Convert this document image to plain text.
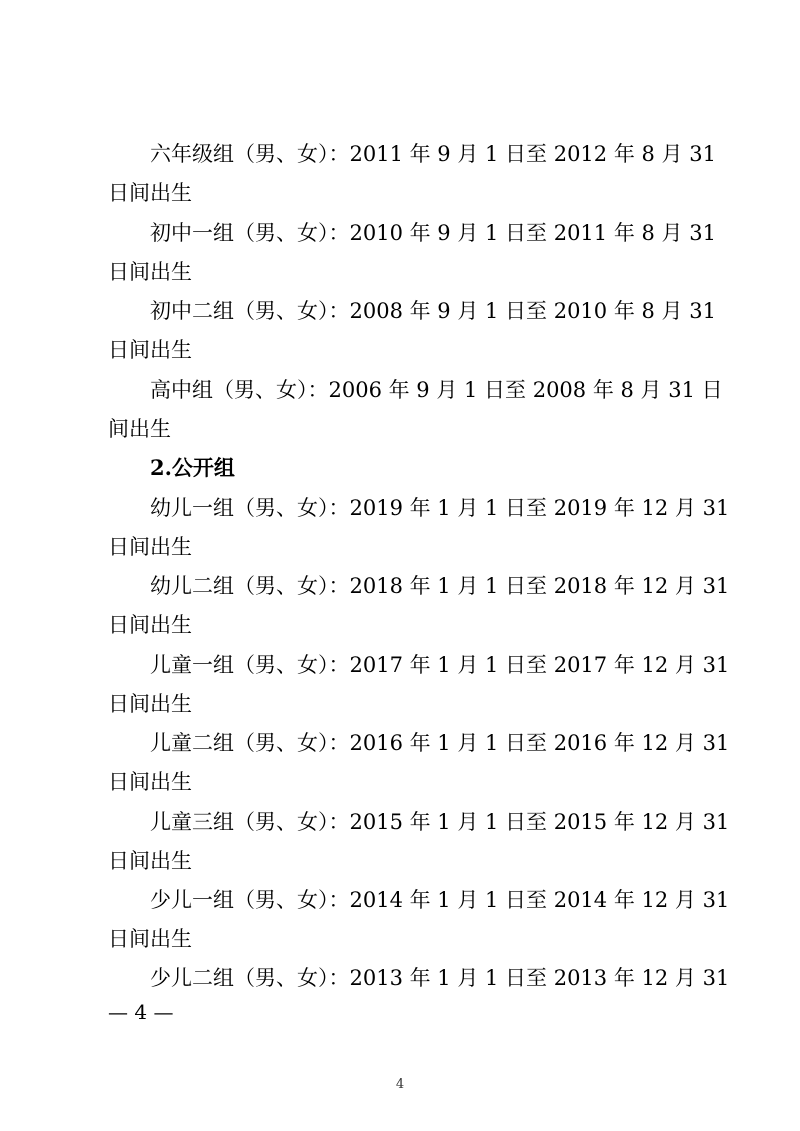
六年级组（男、女）：2011 年 9 月 1 日至 2012 年 8 月 31

日间出生

初中一组（男、女）：2010 年 9 月 1 日至 2011 年 8 月 31

日间出生

初中二组（男、女）：2008 年 9 月 1 日至 2010 年 8 月 31

日间出生

高中组（男、女）：2006 年 9 月 1 日至 2008 年 8 月 31 日

间出生

2.公开组

幼儿一组（男、女）：2019 年 1 月 1 日至 2019 年 12 月 31

日间出生

幼儿二组（男、女）：2018 年 1 月 1 日至 2018 年 12 月 31

日间出生

儿童一组（男、女）：2017 年 1 月 1 日至 2017 年 12 月 31

日间出生

儿童二组（男、女）：2016 年 1 月 1 日至 2016 年 12 月 31

日间出生

儿童三组（男、女）：2015 年 1 月 1 日至 2015 年 12 月 31

日间出生

少儿一组（男、女）：2014 年 1 月 1 日至 2014 年 12 月 31

日间出生

少儿二组（男、女）：2013 年 1 月 1 日至 2013 年 12 月 31

— 4 —
4
